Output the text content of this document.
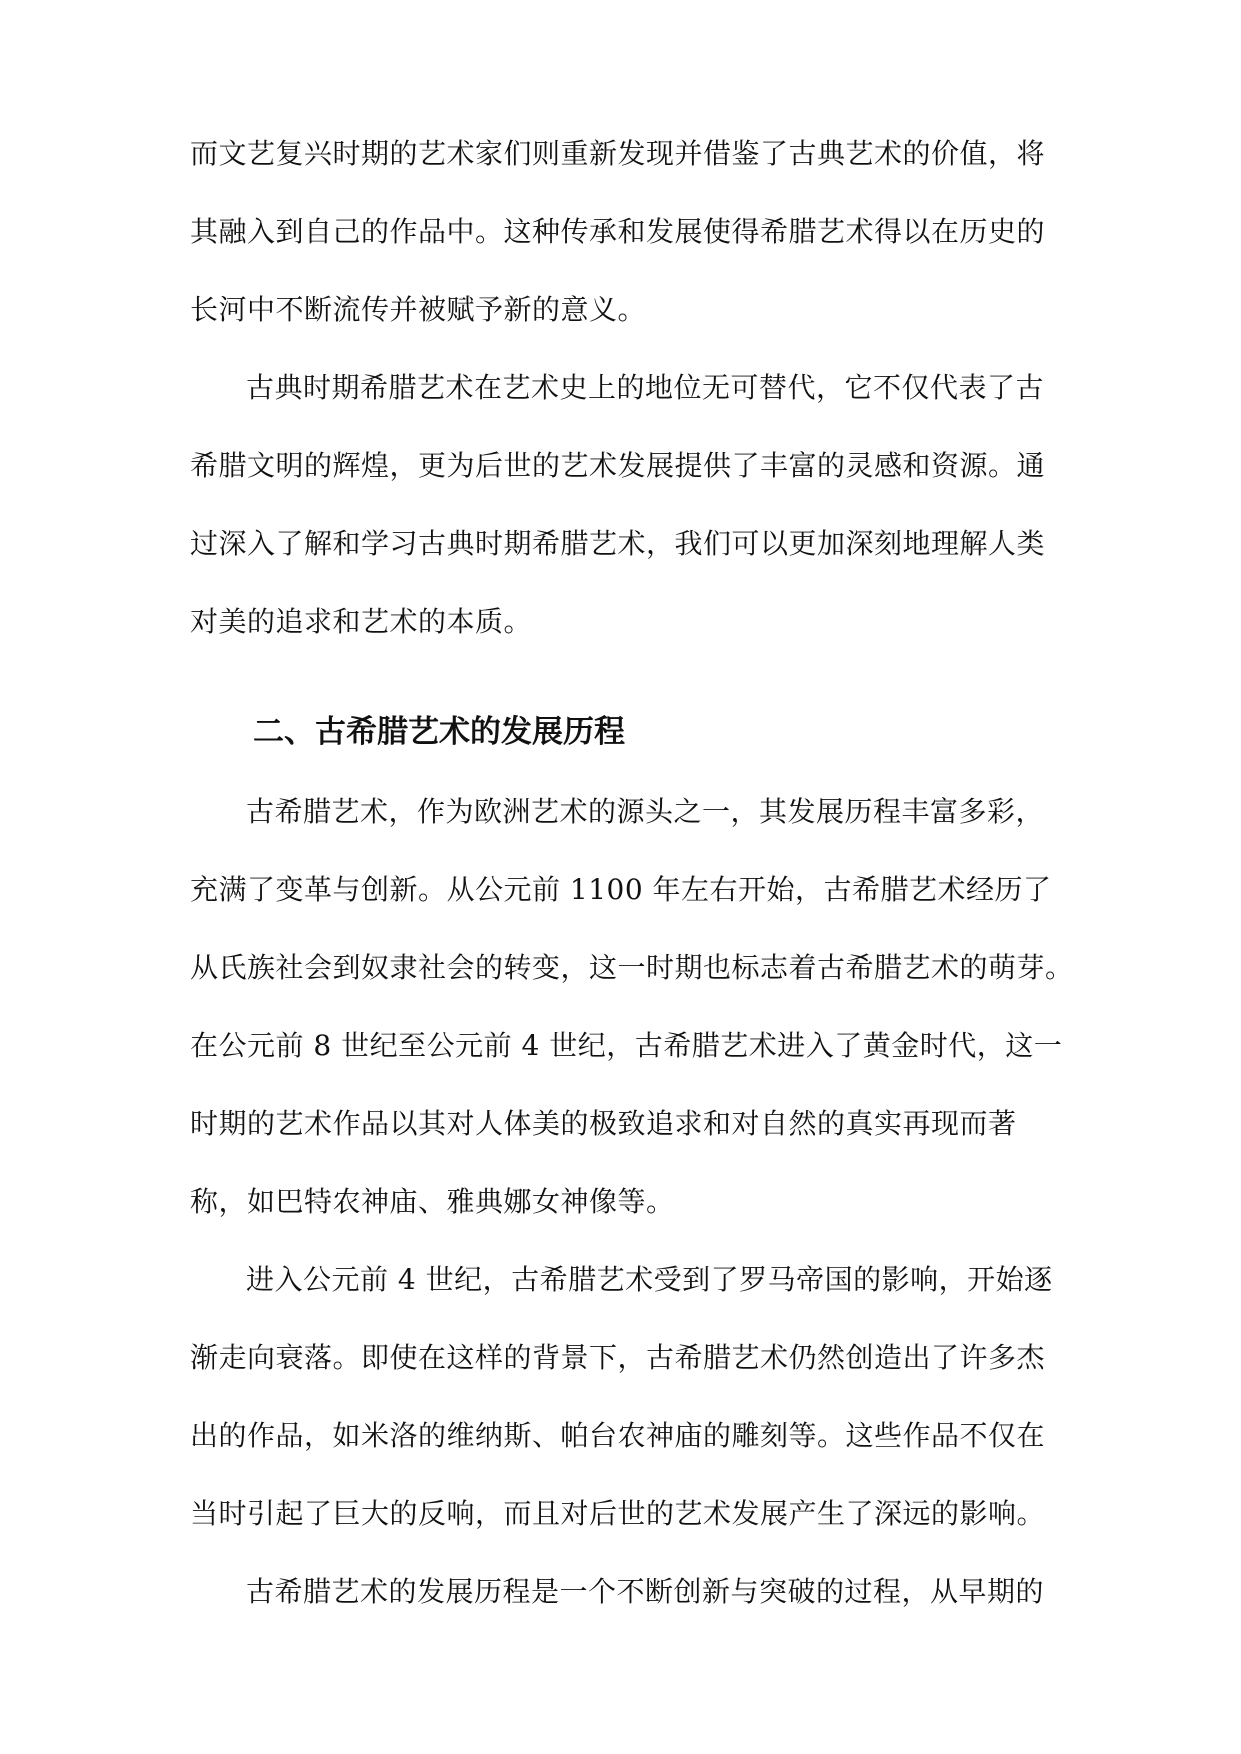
而文艺复兴时期的艺术家们则重新发现并借鉴了古典艺术的价值，将
其融入到自己的作品中。这种传承和发展使得希腊艺术得以在历史的
长河中不断流传并被赋予新的意义。
古典时期希腊艺术在艺术史上的地位无可替代，它不仅代表了古
希腊文明的辉煌，更为后世的艺术发展提供了丰富的灵感和资源。通
过深入了解和学习古典时期希腊艺术，我们可以更加深刻地理解人类
对美的追求和艺术的本质。
二、古希腊艺术的发展历程
古希腊艺术，作为欧洲艺术的源头之一，其发展历程丰富多彩，
充满了变革与创新。从公元前 1100 年左右开始，古希腊艺术经历了
从氏族社会到奴隶社会的转变，这一时期也标志着古希腊艺术的萌芽。
在公元前 8 世纪至公元前 4 世纪，古希腊艺术进入了黄金时代，这一
时期的艺术作品以其对人体美的极致追求和对自然的真实再现而著
称，如巴特农神庙、雅典娜女神像等。
进入公元前 4 世纪，古希腊艺术受到了罗马帝国的影响，开始逐
渐走向衰落。即使在这样的背景下，古希腊艺术仍然创造出了许多杰
出的作品，如米洛的维纳斯、帕台农神庙的雕刻等。这些作品不仅在
当时引起了巨大的反响，而且对后世的艺术发展产生了深远的影响。
古希腊艺术的发展历程是一个不断创新与突破的过程，从早期的
